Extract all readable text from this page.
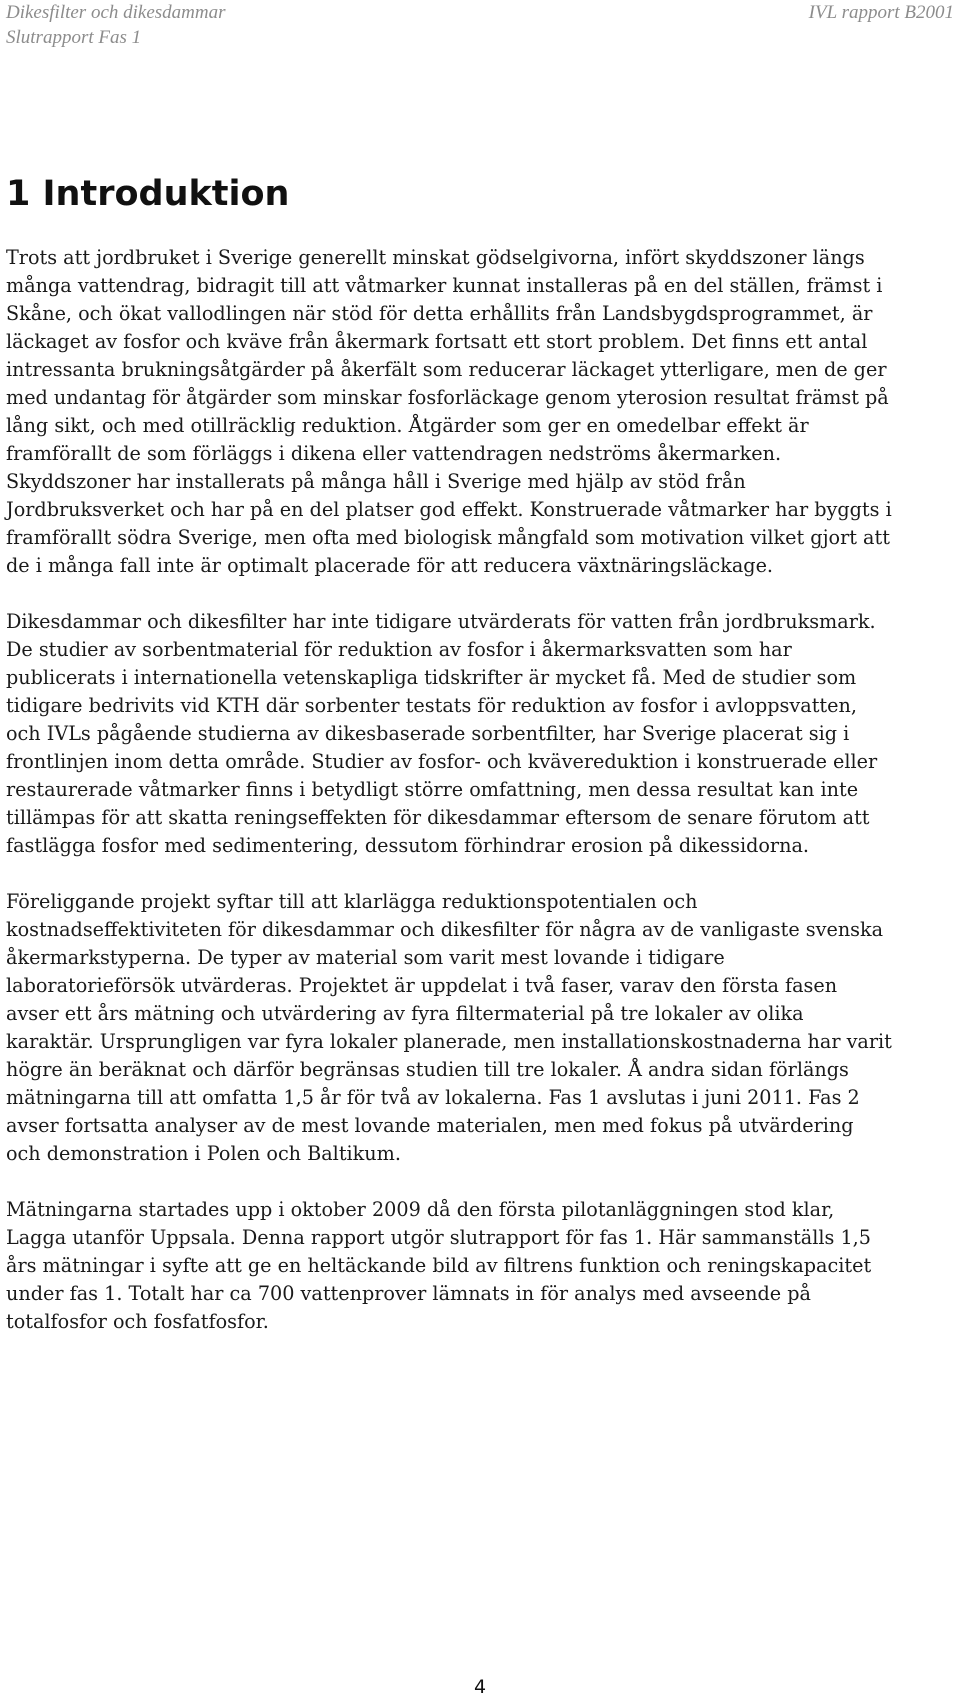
Dikesfilter och dikesdammar
Slutrapport Fas 1
IVL rapport B2001
1 Introduktion

Trots att jordbruket i Sverige generellt minskat gödselgivorna, infört skyddszoner längs många vattendrag, bidragit till att våtmarker kunnat installeras på en del ställen, främst i Skåne, och ökat vallodlingen när stöd för detta erhållits från Landsbygdsprogrammet, är läckaget av fosfor och kväve från åkermark fortsatt ett stort problem. Det finns ett antal intressanta brukningsåtgärder på åkerfält som reducerar läckaget ytterligare, men de ger med undantag för åtgärder som minskar fosforläckage genom yterosion resultat främst på lång sikt, och med otillräcklig reduktion. Åtgärder som ger en omedelbar effekt är framförallt de som förläggs i dikena eller vattendragen nedströms åkermarken. Skyddszoner har installerats på många håll i Sverige med hjälp av stöd från Jordbruksverket och har på en del platser god effekt. Konstruerade våtmarker har byggts i framförallt södra Sverige, men ofta med biologisk mångfald som motivation vilket gjort att de i många fall inte är optimalt placerade för att reducera växtnäringsläckage.

Dikesdammar och dikesfilter har inte tidigare utvärderats för vatten från jordbruksmark. De studier av sorbentmaterial för reduktion av fosfor i åkermarksvatten som har publicerats i internationella vetenskapliga tidskrifter är mycket få. Med de studier som tidigare bedrivits vid KTH där sorbenter testats för reduktion av fosfor i avloppsvatten, och IVLs pågående studierna av dikesbaserade sorbentfilter, har Sverige placerat sig i frontlinjen inom detta område. Studier av fosfor- och kvävereduktion i konstruerade eller restaurerade våtmarker finns i betydligt större omfattning, men dessa resultat kan inte tillämpas för att skatta reningseffekten för dikesdammar eftersom de senare förutom att fastlägga fosfor med sedimentering, dessutom förhindrar erosion på dikessidorna.

Föreliggande projekt syftar till att klarlägga reduktionspotentialen och kostnadseffektiviteten för dikesdammar och dikesfilter för några av de vanligaste svenska åkermarkstyperna. De typer av material som varit mest lovande i tidigare laboratorieförsök utvärderas. Projektet är uppdelat i två faser, varav den första fasen avser ett års mätning och utvärdering av fyra filtermaterial på tre lokaler av olika karaktär. Ursprungligen var fyra lokaler planerade, men installationskostnaderna har varit högre än beräknat och därför begränsas studien till tre lokaler. Å andra sidan förlängs mätningarna till att omfatta 1,5 år för två av lokalerna. Fas 1 avslutas i juni 2011. Fas 2 avser fortsatta analyser av de mest lovande materialen, men med fokus på utvärdering och demonstration i Polen och Baltikum.

Mätningarna startades upp i oktober 2009 då den första pilotanläggningen stod klar, Lagga utanför Uppsala. Denna rapport utgör slutrapport för fas 1. Här sammanställs 1,5 års mätningar i syfte att ge en heltäckande bild av filtrens funktion och reningskapacitet under fas 1. Totalt har ca 700 vattenprover lämnats in för analys med avseende på totalfosfor och fosfatfosfor.

4
